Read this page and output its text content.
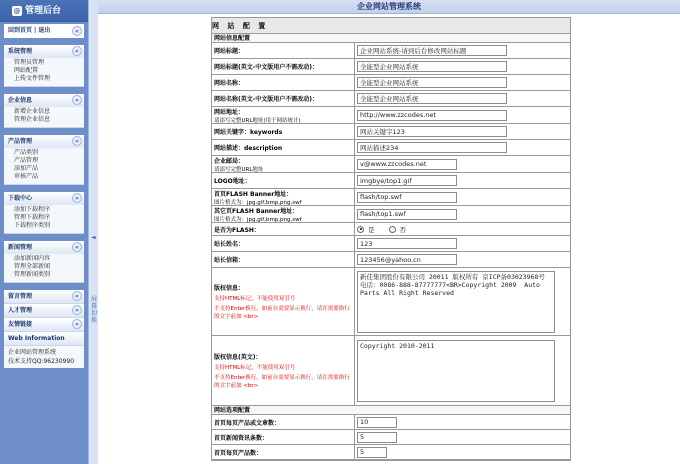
@ 管理后台
回到首页 | 退出	«
系统管理	«
管理员管理
网站配置
上传文件管理
企业信息	«
新增企业信息
管理企业信息
产品管理	«
产品类别
产品管理
添加产品
审核产品
下载中心	«
添加下载程序
管理下载程序
下载程序类别
新闻管理	«
添加新闻内容
管理全部新闻
管理新闻类别
留言管理	«
人才管理	«
友情链接	«
Web Information
企业网站管理系统
技术支持QQ:96230990
◄
屏幕切换
企业网站管理系统
网 站 配 置
网站信息配置
网站标题：
企业网站系统-请到后台修改网站标题
网站标题(英文-中文版用户不需改动)：
全能型企业网站系统
网站名称：
全能型企业网站系统
网站名称(英文-中文版用户不需改动)：
全能型企业网站系统
网站地址：
请添写完整URL地址(用于网站统计)
http://www.zzcodes.net
网站关键字：keywords
网站关键字123
网站描述：description
网站描述234
企业邮局：
请添写完整URL地址
v@www.zzcodes.net
LOGO地址：
imgbye/top1.gif
首页FLASH Banner地址：
图片格式为：jpg,gif,bmp,png,swf
flash/top.swf
其它页FLASH Banner地址：
图片格式为：jpg,gif,bmp,png,swf
flash/top1.swf
是否为FLASH：	是	否
站长姓名：
123
站长信箱：
123456@yahoo.cn
版权信息：
支持HTML标记，不能使用双引号
不支持Enter换行，如前台需要显示换行，请在需要换行的文字前加 <br>
新佳集团股份有限公司 20011 版权所有 京ICP备03023968号 电话：0086-888-87777777<BR>Copyright 2009 Auto Parts All Right Reserved
版权信息(英文)：
支持HTML标记，不能使用双引号
不支持Enter换行，如前台需要显示换行，请在需要换行的文字前加 <br>
Copyright 2010-2011
网站选项配置
首页每页产品或文章数：
10
首页新闻资讯条数：
5
首页每页产品数：
5
